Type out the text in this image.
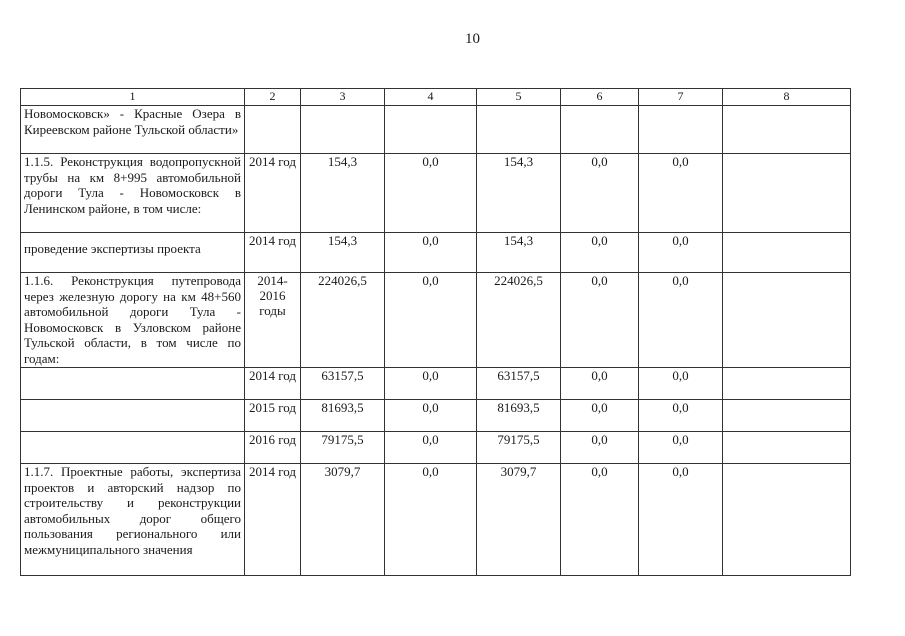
10
1	2	3	4	5	6	7	8
Новомосковск» - Красные Озера в Киреевском районе Тульской области»							
1.1.5. Реконструкция водопропускной трубы на км 8+995 автомобильной дороги Тула - Новомосковск в Ленинском районе, в том числе:	2014 год	154,3	0,0	154,3	0,0	0,0	
проведение экспертизы проекта	2014 год	154,3	0,0	154,3	0,0	0,0	
1.1.6. Реконструкция путепровода через железную дорогу на км 48+560 автомобильной дороги Тула - Новомосковск в Узловском районе Тульской области, в том числе по годам:	2014-2016 годы	224026,5	0,0	224026,5	0,0	0,0	
	2014 год	63157,5	0,0	63157,5	0,0	0,0	
	2015 год	81693,5	0,0	81693,5	0,0	0,0	
	2016 год	79175,5	0,0	79175,5	0,0	0,0	
1.1.7. Проектные работы, экспертиза проектов и авторский надзор по строительству и реконструкции автомобильных дорог общего пользования регионального или межмуниципального значения	2014 год	3079,7	0,0	3079,7	0,0	0,0	
